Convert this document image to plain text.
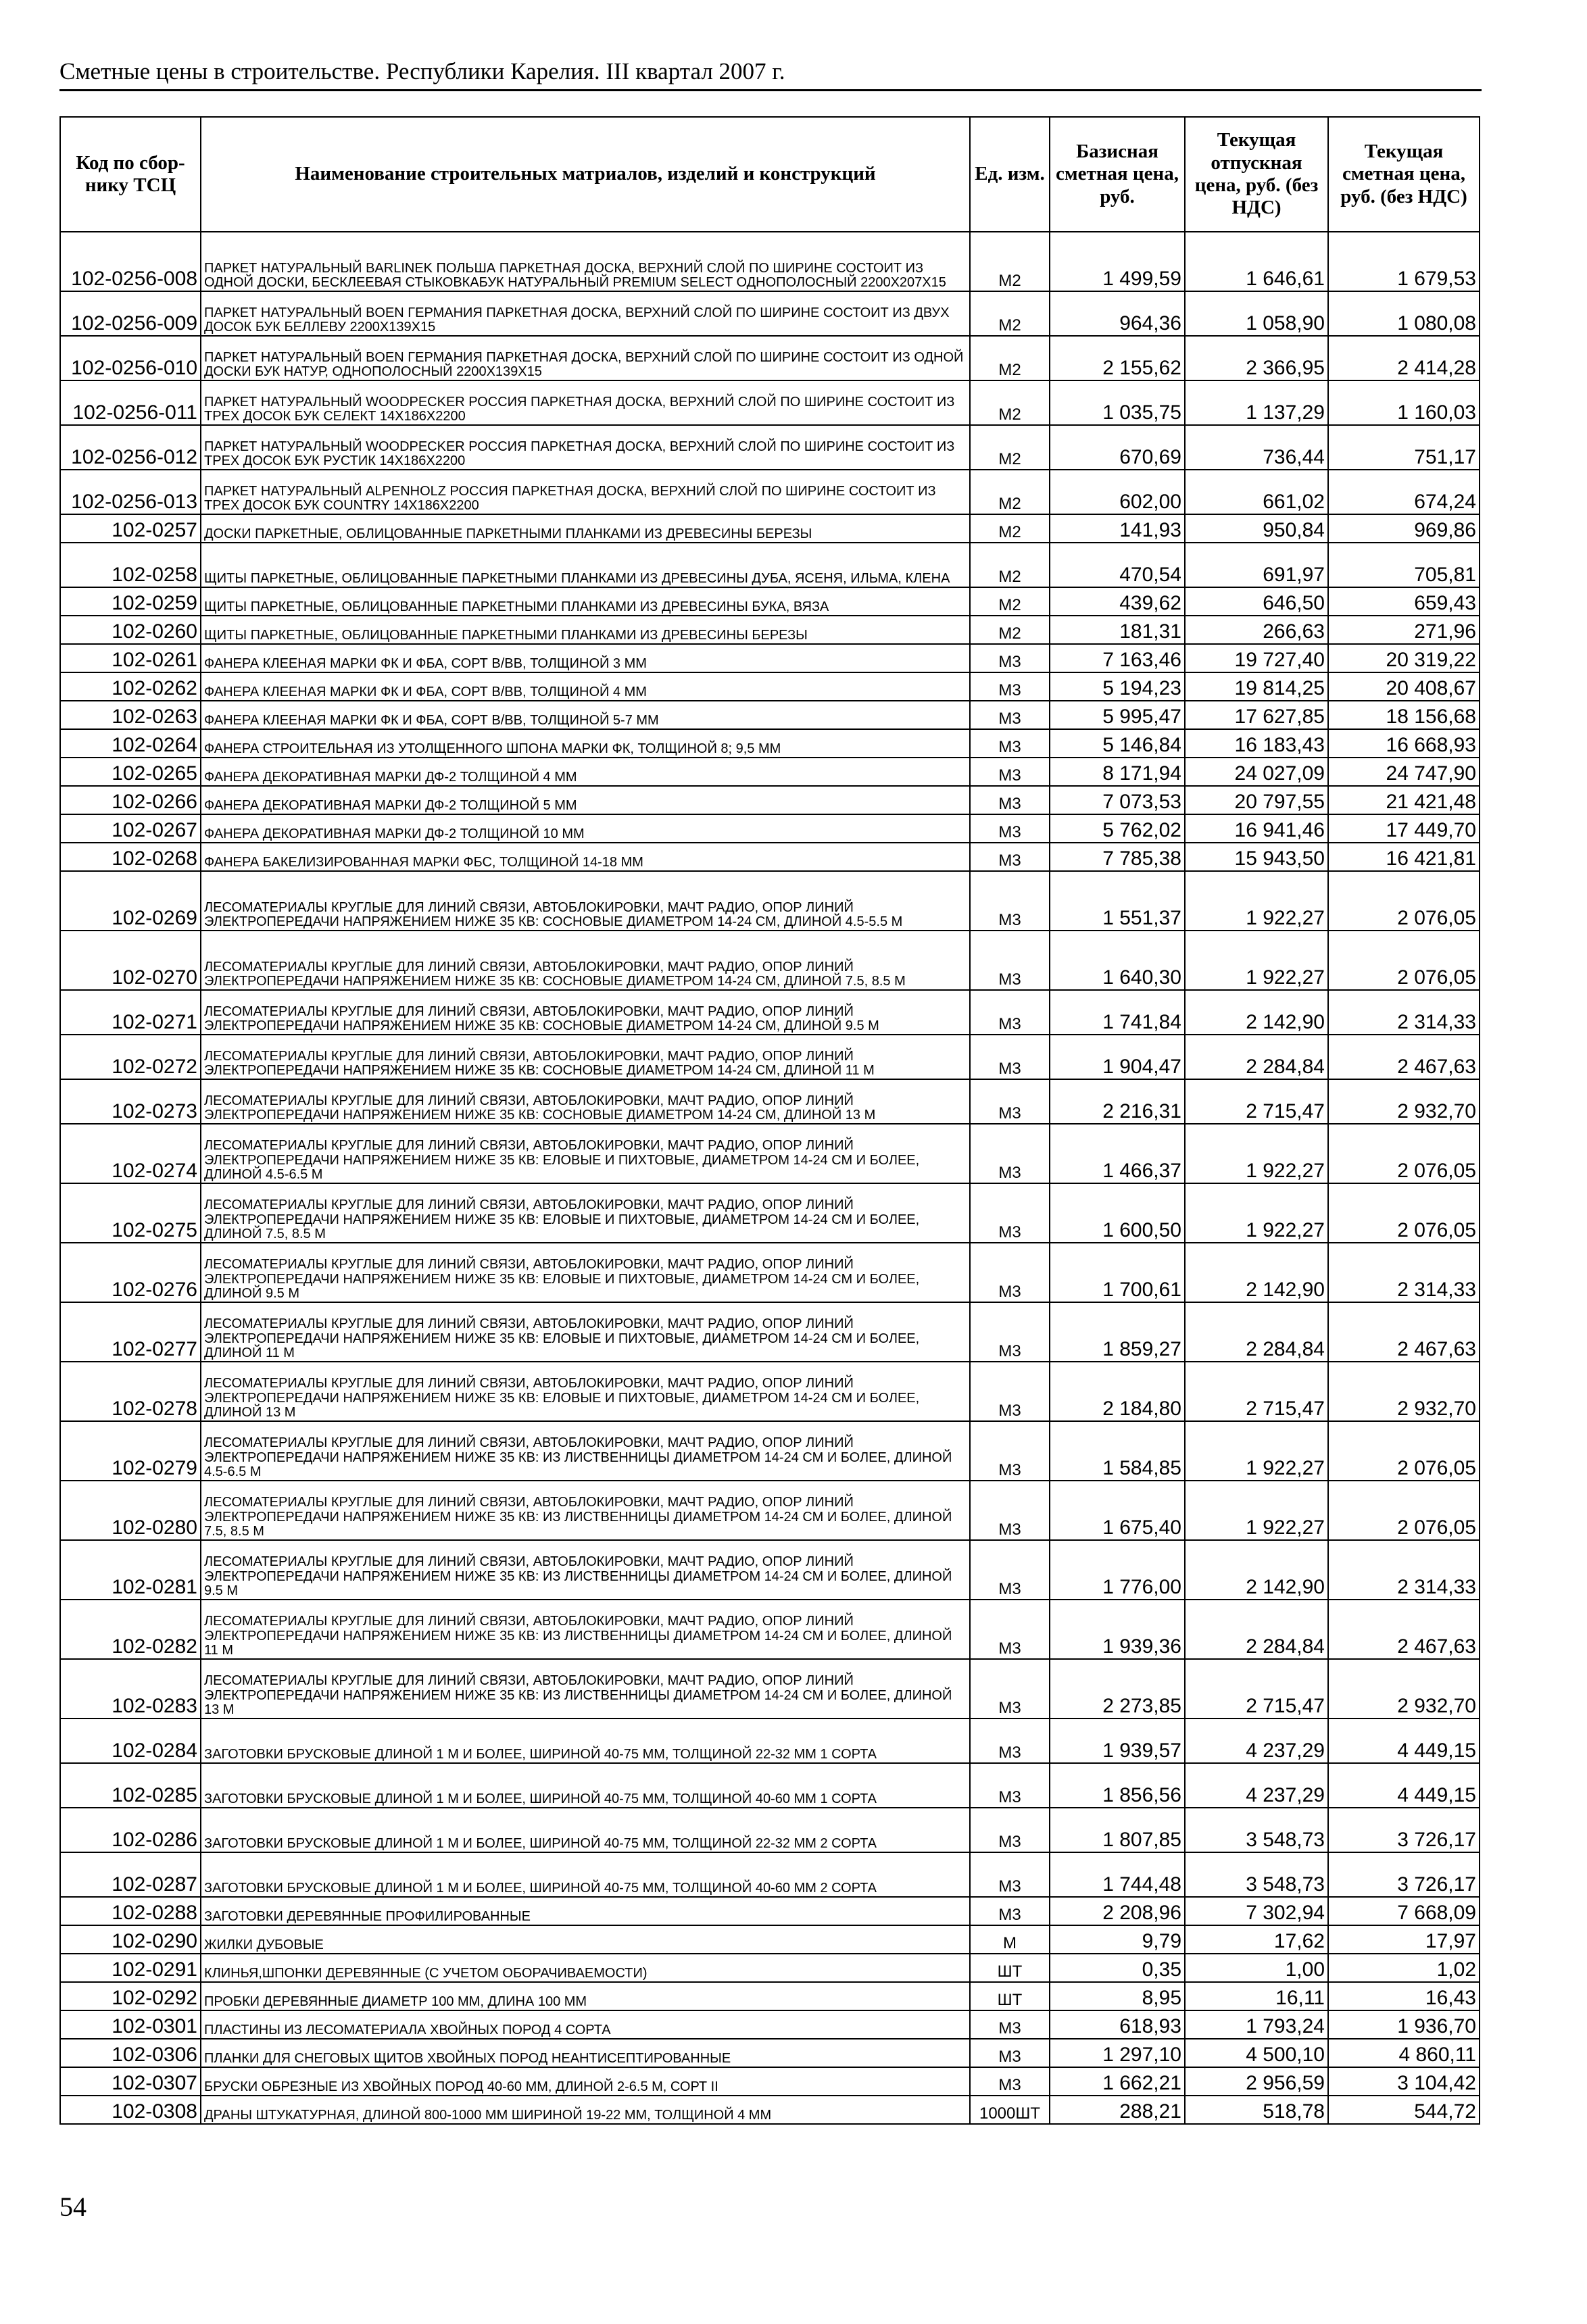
Сметные цены в строительстве. Республики Карелия. III квартал 2007 г.
Код по сбор-нику ТСЦ	Наименование строительных матриалов, изделий и конструкций	Ед. изм.	Базисная сметная цена, руб.	Текущая отпускная цена, руб. (без НДС)	Текущая сметная цена, руб. (без НДС)
102-0256-008	ПАРКЕТ НАТУРАЛЬНЫЙ BARLINEK ПОЛЬША ПАРКЕТНАЯ ДОСКА, ВЕРХНИЙ СЛОЙ ПО ШИРИНЕ СОСТОИТ ИЗ ОДНОЙ ДОСКИ, БЕСКЛЕЕВАЯ СТЫКОВКАБУК НАТУРАЛЬНЫЙ PREMIUM SELECT ОДНОПОЛОСНЫЙ 2200Х207Х15	М2	1 499,59	1 646,61	1 679,53
102-0256-009	ПАРКЕТ НАТУРАЛЬНЫЙ BOEN ГЕРМАНИЯ ПАРКЕТНАЯ ДОСКА, ВЕРХНИЙ СЛОЙ ПО ШИРИНЕ СОСТОИТ ИЗ ДВУХ ДОСОК БУК БЕЛЛЕВУ 2200Х139Х15	М2	964,36	1 058,90	1 080,08
102-0256-010	ПАРКЕТ НАТУРАЛЬНЫЙ BOEN ГЕРМАНИЯ ПАРКЕТНАЯ ДОСКА, ВЕРХНИЙ СЛОЙ ПО ШИРИНЕ СОСТОИТ ИЗ ОДНОЙ ДОСКИ БУК НАТУР, ОДНОПОЛОСНЫЙ 2200Х139Х15	М2	2 155,62	2 366,95	2 414,28
102-0256-011	ПАРКЕТ НАТУРАЛЬНЫЙ WOODPECKER РОССИЯ ПАРКЕТНАЯ ДОСКА, ВЕРХНИЙ СЛОЙ ПО ШИРИНЕ СОСТОИТ ИЗ ТРЕХ ДОСОК БУК СЕЛЕКТ 14Х186Х2200	М2	1 035,75	1 137,29	1 160,03
102-0256-012	ПАРКЕТ НАТУРАЛЬНЫЙ WOODPECKER РОССИЯ ПАРКЕТНАЯ ДОСКА, ВЕРХНИЙ СЛОЙ ПО ШИРИНЕ СОСТОИТ ИЗ ТРЕХ ДОСОК БУК РУСТИК 14Х186Х2200	М2	670,69	736,44	751,17
102-0256-013	ПАРКЕТ НАТУРАЛЬНЫЙ ALPENHOLZ РОССИЯ ПАРКЕТНАЯ ДОСКА, ВЕРХНИЙ СЛОЙ ПО ШИРИНЕ СОСТОИТ ИЗ ТРЕХ ДОСОК БУК COUNTRY 14Х186Х2200	М2	602,00	661,02	674,24
102-0257	ДОСКИ ПАРКЕТНЫЕ, ОБЛИЦОВАННЫЕ ПАРКЕТНЫМИ ПЛАНКАМИ ИЗ ДРЕВЕСИНЫ БЕРЕЗЫ	М2	141,93	950,84	969,86
102-0258	ЩИТЫ ПАРКЕТНЫЕ, ОБЛИЦОВАННЫЕ ПАРКЕТНЫМИ ПЛАНКАМИ ИЗ ДРЕВЕСИНЫ ДУБА, ЯСЕНЯ, ИЛЬМА, КЛЕНА	М2	470,54	691,97	705,81
102-0259	ЩИТЫ ПАРКЕТНЫЕ, ОБЛИЦОВАННЫЕ ПАРКЕТНЫМИ ПЛАНКАМИ ИЗ ДРЕВЕСИНЫ БУКА, ВЯЗА	М2	439,62	646,50	659,43
102-0260	ЩИТЫ ПАРКЕТНЫЕ, ОБЛИЦОВАННЫЕ ПАРКЕТНЫМИ ПЛАНКАМИ ИЗ ДРЕВЕСИНЫ БЕРЕЗЫ	М2	181,31	266,63	271,96
102-0261	ФАНЕРА КЛЕЕНАЯ МАРКИ ФК И ФБА, СОРТ В/ВВ, ТОЛЩИНОЙ 3 ММ	М3	7 163,46	19 727,40	20 319,22
102-0262	ФАНЕРА КЛЕЕНАЯ МАРКИ ФК И ФБА, СОРТ В/ВВ, ТОЛЩИНОЙ 4 ММ	М3	5 194,23	19 814,25	20 408,67
102-0263	ФАНЕРА КЛЕЕНАЯ МАРКИ ФК И ФБА, СОРТ В/ВВ, ТОЛЩИНОЙ 5-7 ММ	М3	5 995,47	17 627,85	18 156,68
102-0264	ФАНЕРА СТРОИТЕЛЬНАЯ ИЗ УТОЛЩЕННОГО ШПОНА МАРКИ ФК, ТОЛЩИНОЙ 8; 9,5 ММ	М3	5 146,84	16 183,43	16 668,93
102-0265	ФАНЕРА ДЕКОРАТИВНАЯ МАРКИ ДФ-2 ТОЛЩИНОЙ 4 ММ	М3	8 171,94	24 027,09	24 747,90
102-0266	ФАНЕРА ДЕКОРАТИВНАЯ МАРКИ ДФ-2 ТОЛЩИНОЙ 5 ММ	М3	7 073,53	20 797,55	21 421,48
102-0267	ФАНЕРА ДЕКОРАТИВНАЯ МАРКИ ДФ-2 ТОЛЩИНОЙ 10 ММ	М3	5 762,02	16 941,46	17 449,70
102-0268	ФАНЕРА БАКЕЛИЗИРОВАННАЯ МАРКИ ФБС, ТОЛЩИНОЙ 14-18 ММ	М3	7 785,38	15 943,50	16 421,81
102-0269	ЛЕСОМАТЕРИАЛЫ КРУГЛЫЕ ДЛЯ ЛИНИЙ СВЯЗИ, АВТОБЛОКИРОВКИ, МАЧТ РАДИО, ОПОР ЛИНИЙ ЭЛЕКТРОПЕРЕДАЧИ НАПРЯЖЕНИЕМ НИЖЕ 35 КВ: СОСНОВЫЕ ДИАМЕТРОМ 14-24 СМ, ДЛИНОЙ 4.5-5.5 М	М3	1 551,37	1 922,27	2 076,05
102-0270	ЛЕСОМАТЕРИАЛЫ КРУГЛЫЕ ДЛЯ ЛИНИЙ СВЯЗИ, АВТОБЛОКИРОВКИ, МАЧТ РАДИО, ОПОР ЛИНИЙ ЭЛЕКТРОПЕРЕДАЧИ НАПРЯЖЕНИЕМ НИЖЕ 35 КВ: СОСНОВЫЕ ДИАМЕТРОМ 14-24 СМ, ДЛИНОЙ 7.5, 8.5 М	М3	1 640,30	1 922,27	2 076,05
102-0271	ЛЕСОМАТЕРИАЛЫ КРУГЛЫЕ ДЛЯ ЛИНИЙ СВЯЗИ, АВТОБЛОКИРОВКИ, МАЧТ РАДИО, ОПОР ЛИНИЙ ЭЛЕКТРОПЕРЕДАЧИ НАПРЯЖЕНИЕМ НИЖЕ 35 КВ: СОСНОВЫЕ ДИАМЕТРОМ 14-24 СМ, ДЛИНОЙ 9.5 М	М3	1 741,84	2 142,90	2 314,33
102-0272	ЛЕСОМАТЕРИАЛЫ КРУГЛЫЕ ДЛЯ ЛИНИЙ СВЯЗИ, АВТОБЛОКИРОВКИ, МАЧТ РАДИО, ОПОР ЛИНИЙ ЭЛЕКТРОПЕРЕДАЧИ НАПРЯЖЕНИЕМ НИЖЕ 35 КВ: СОСНОВЫЕ ДИАМЕТРОМ 14-24 СМ, ДЛИНОЙ 11 М	М3	1 904,47	2 284,84	2 467,63
102-0273	ЛЕСОМАТЕРИАЛЫ КРУГЛЫЕ ДЛЯ ЛИНИЙ СВЯЗИ, АВТОБЛОКИРОВКИ, МАЧТ РАДИО, ОПОР ЛИНИЙ ЭЛЕКТРОПЕРЕДАЧИ НАПРЯЖЕНИЕМ НИЖЕ 35 КВ: СОСНОВЫЕ ДИАМЕТРОМ 14-24 СМ, ДЛИНОЙ 13 М	М3	2 216,31	2 715,47	2 932,70
102-0274	ЛЕСОМАТЕРИАЛЫ КРУГЛЫЕ ДЛЯ ЛИНИЙ СВЯЗИ, АВТОБЛОКИРОВКИ, МАЧТ РАДИО, ОПОР ЛИНИЙ ЭЛЕКТРОПЕРЕДАЧИ НАПРЯЖЕНИЕМ НИЖЕ 35 КВ: ЕЛОВЫЕ И ПИХТОВЫЕ, ДИАМЕТРОМ 14-24 СМ И БОЛЕЕ, ДЛИНОЙ 4.5-6.5 М	М3	1 466,37	1 922,27	2 076,05
102-0275	ЛЕСОМАТЕРИАЛЫ КРУГЛЫЕ ДЛЯ ЛИНИЙ СВЯЗИ, АВТОБЛОКИРОВКИ, МАЧТ РАДИО, ОПОР ЛИНИЙ ЭЛЕКТРОПЕРЕДАЧИ НАПРЯЖЕНИЕМ НИЖЕ 35 КВ: ЕЛОВЫЕ И ПИХТОВЫЕ, ДИАМЕТРОМ 14-24 СМ И БОЛЕЕ, ДЛИНОЙ 7.5, 8.5 М	М3	1 600,50	1 922,27	2 076,05
102-0276	ЛЕСОМАТЕРИАЛЫ КРУГЛЫЕ ДЛЯ ЛИНИЙ СВЯЗИ, АВТОБЛОКИРОВКИ, МАЧТ РАДИО, ОПОР ЛИНИЙ ЭЛЕКТРОПЕРЕДАЧИ НАПРЯЖЕНИЕМ НИЖЕ 35 КВ: ЕЛОВЫЕ И ПИХТОВЫЕ, ДИАМЕТРОМ 14-24 СМ И БОЛЕЕ, ДЛИНОЙ 9.5 М	М3	1 700,61	2 142,90	2 314,33
102-0277	ЛЕСОМАТЕРИАЛЫ КРУГЛЫЕ ДЛЯ ЛИНИЙ СВЯЗИ, АВТОБЛОКИРОВКИ, МАЧТ РАДИО, ОПОР ЛИНИЙ ЭЛЕКТРОПЕРЕДАЧИ НАПРЯЖЕНИЕМ НИЖЕ 35 КВ: ЕЛОВЫЕ И ПИХТОВЫЕ, ДИАМЕТРОМ 14-24 СМ И БОЛЕЕ, ДЛИНОЙ 11 М	М3	1 859,27	2 284,84	2 467,63
102-0278	ЛЕСОМАТЕРИАЛЫ КРУГЛЫЕ ДЛЯ ЛИНИЙ СВЯЗИ, АВТОБЛОКИРОВКИ, МАЧТ РАДИО, ОПОР ЛИНИЙ ЭЛЕКТРОПЕРЕДАЧИ НАПРЯЖЕНИЕМ НИЖЕ 35 КВ: ЕЛОВЫЕ И ПИХТОВЫЕ, ДИАМЕТРОМ 14-24 СМ И БОЛЕЕ, ДЛИНОЙ 13 М	М3	2 184,80	2 715,47	2 932,70
102-0279	ЛЕСОМАТЕРИАЛЫ КРУГЛЫЕ ДЛЯ ЛИНИЙ СВЯЗИ, АВТОБЛОКИРОВКИ, МАЧТ РАДИО, ОПОР ЛИНИЙ ЭЛЕКТРОПЕРЕДАЧИ НАПРЯЖЕНИЕМ НИЖЕ 35 КВ: ИЗ ЛИСТВЕННИЦЫ ДИАМЕТРОМ 14-24 СМ И БОЛЕЕ, ДЛИНОЙ 4.5-6.5 М	М3	1 584,85	1 922,27	2 076,05
102-0280	ЛЕСОМАТЕРИАЛЫ КРУГЛЫЕ ДЛЯ ЛИНИЙ СВЯЗИ, АВТОБЛОКИРОВКИ, МАЧТ РАДИО, ОПОР ЛИНИЙ ЭЛЕКТРОПЕРЕДАЧИ НАПРЯЖЕНИЕМ НИЖЕ 35 КВ: ИЗ ЛИСТВЕННИЦЫ ДИАМЕТРОМ 14-24 СМ И БОЛЕЕ, ДЛИНОЙ 7.5, 8.5 М	М3	1 675,40	1 922,27	2 076,05
102-0281	ЛЕСОМАТЕРИАЛЫ КРУГЛЫЕ ДЛЯ ЛИНИЙ СВЯЗИ, АВТОБЛОКИРОВКИ, МАЧТ РАДИО, ОПОР ЛИНИЙ ЭЛЕКТРОПЕРЕДАЧИ НАПРЯЖЕНИЕМ НИЖЕ 35 КВ: ИЗ ЛИСТВЕННИЦЫ ДИАМЕТРОМ 14-24 СМ И БОЛЕЕ, ДЛИНОЙ 9.5 М	М3	1 776,00	2 142,90	2 314,33
102-0282	ЛЕСОМАТЕРИАЛЫ КРУГЛЫЕ ДЛЯ ЛИНИЙ СВЯЗИ, АВТОБЛОКИРОВКИ, МАЧТ РАДИО, ОПОР ЛИНИЙ ЭЛЕКТРОПЕРЕДАЧИ НАПРЯЖЕНИЕМ НИЖЕ 35 КВ: ИЗ ЛИСТВЕННИЦЫ ДИАМЕТРОМ 14-24 СМ И БОЛЕЕ, ДЛИНОЙ 11 М	М3	1 939,36	2 284,84	2 467,63
102-0283	ЛЕСОМАТЕРИАЛЫ КРУГЛЫЕ ДЛЯ ЛИНИЙ СВЯЗИ, АВТОБЛОКИРОВКИ, МАЧТ РАДИО, ОПОР ЛИНИЙ ЭЛЕКТРОПЕРЕДАЧИ НАПРЯЖЕНИЕМ НИЖЕ 35 КВ: ИЗ ЛИСТВЕННИЦЫ ДИАМЕТРОМ 14-24 СМ И БОЛЕЕ, ДЛИНОЙ 13 М	М3	2 273,85	2 715,47	2 932,70
102-0284	ЗАГОТОВКИ БРУСКОВЫЕ ДЛИНОЙ 1 М И БОЛЕЕ, ШИРИНОЙ 40-75 ММ, ТОЛЩИНОЙ 22-32 ММ 1 СОРТА	М3	1 939,57	4 237,29	4 449,15
102-0285	ЗАГОТОВКИ БРУСКОВЫЕ ДЛИНОЙ 1 М И БОЛЕЕ, ШИРИНОЙ 40-75 ММ, ТОЛЩИНОЙ 40-60 ММ 1 СОРТА	М3	1 856,56	4 237,29	4 449,15
102-0286	ЗАГОТОВКИ БРУСКОВЫЕ ДЛИНОЙ 1 М И БОЛЕЕ, ШИРИНОЙ 40-75 ММ, ТОЛЩИНОЙ 22-32 ММ 2 СОРТА	М3	1 807,85	3 548,73	3 726,17
102-0287	ЗАГОТОВКИ БРУСКОВЫЕ ДЛИНОЙ 1 М И БОЛЕЕ, ШИРИНОЙ 40-75 ММ, ТОЛЩИНОЙ 40-60 ММ 2 СОРТА	М3	1 744,48	3 548,73	3 726,17
102-0288	ЗАГОТОВКИ ДЕРЕВЯННЫЕ ПРОФИЛИРОВАННЫЕ	М3	2 208,96	7 302,94	7 668,09
102-0290	ЖИЛКИ ДУБОВЫЕ	М	9,79	17,62	17,97
102-0291	КЛИНЬЯ,ШПОНКИ ДЕРЕВЯННЫЕ (С УЧЕТОМ ОБОРАЧИВАЕМОСТИ)	ШТ	0,35	1,00	1,02
102-0292	ПРОБКИ ДЕРЕВЯННЫЕ ДИАМЕТР 100 ММ, ДЛИНА 100 ММ	ШТ	8,95	16,11	16,43
102-0301	ПЛАСТИНЫ ИЗ ЛЕСОМАТЕРИАЛА ХВОЙНЫХ ПОРОД 4 СОРТА	М3	618,93	1 793,24	1 936,70
102-0306	ПЛАНКИ ДЛЯ СНЕГОВЫХ ЩИТОВ ХВОЙНЫХ ПОРОД НЕАНТИСЕПТИРОВАННЫЕ	М3	1 297,10	4 500,10	4 860,11
102-0307	БРУСКИ ОБРЕЗНЫЕ ИЗ ХВОЙНЫХ ПОРОД 40-60 ММ, ДЛИНОЙ 2-6.5 М, СОРТ II	М3	1 662,21	2 956,59	3 104,42
102-0308	ДРАНЫ ШТУКАТУРНАЯ, ДЛИНОЙ 800-1000 ММ ШИРИНОЙ 19-22 ММ, ТОЛЩИНОЙ 4 ММ	1000ШТ	288,21	518,78	544,72
54
